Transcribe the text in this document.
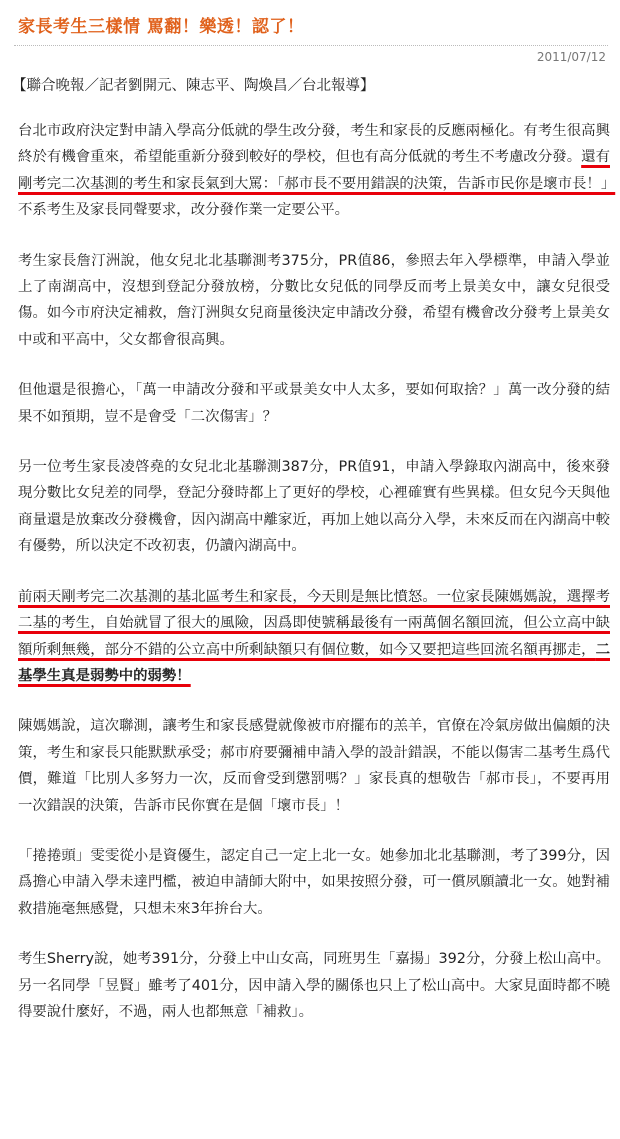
家長考生三樣情 罵翻！樂透！認了！
2011/07/12
【聯合晚報／記者劉開元、陳志平、陶煥昌／台北報導】

台北市政府決定對申請入學高分低就的學生改分發，考生和家長的反應兩極化。有考生很高興終於有機會重來，希望能重新分發到較好的學校，但也有高分低就的考生不考慮改分發。還有剛考完二次基測的考生和家長氣到大罵：「郝市長不要用錯誤的決策，告訴市民你是壞市長！」不系考生及家長同聲要求，改分發作業一定要公平。

考生家長詹汀洲說，他女兒北北基聯測考375分，PR值86，參照去年入學標準，申請入學並上了南湖高中，沒想到登記分發放榜，分數比女兒低的同學反而考上景美女中，讓女兒很受傷。如今市府決定補救，詹汀洲與女兒商量後決定申請改分發，希望有機會改分發考上景美女中或和平高中，父女都會很高興。

但他還是很擔心，「萬一申請改分發和平或景美女中人太多，要如何取捨？」萬一改分發的結果不如預期，豈不是會受「二次傷害」？

另一位考生家長凌啓堯的女兒北北基聯測387分，PR值91，申請入學錄取內湖高中，後來發現分數比女兒差的同學，登記分發時都上了更好的學校，心裡確實有些異樣。但女兒今天與他商量還是放棄改分發機會，因內湖高中離家近，再加上她以高分入學，未來反而在內湖高中較有優勢，所以決定不改初衷，仍讀內湖高中。

前兩天剛考完二次基測的基北區考生和家長，今天則是無比憤怒。一位家長陳媽媽說，選擇考二基的考生，自始就冒了很大的風險，因爲即使號稱最後有一兩萬個名額回流，但公立高中缺額所剩無幾，部分不錯的公立高中所剩缺額只有個位數，如今又要把這些回流名額再挪走，二基學生真是弱勢中的弱勢！

陳媽媽說，這次聯測，讓考生和家長感覺就像被市府擺布的羔羊，官僚在冷氣房做出偏頗的決策，考生和家長只能默默承受；郝市府要彌補申請入學的設計錯誤，不能以傷害二基考生爲代價，難道「比別人多努力一次，反而會受到懲罰嗎？」家長真的想敬告「郝市長」，不要再用一次錯誤的決策，告訴市民你實在是個「壞市長」！

「捲捲頭」雯雯從小是資優生，認定自己一定上北一女。她參加北北基聯測，考了399分，因爲擔心申請入學未達門檻，被迫申請師大附中，如果按照分發，可一償夙願讀北一女。她對補救措施毫無感覺，只想未來3年拚台大。

考生Sherry說，她考391分，分發上中山女高，同班男生「嘉揚」392分，分發上松山高中。另一名同學「昱賢」雖考了401分，因申請入學的關係也只上了松山高中。大家見面時都不曉得要說什麼好，不過，兩人也都無意「補救」。
